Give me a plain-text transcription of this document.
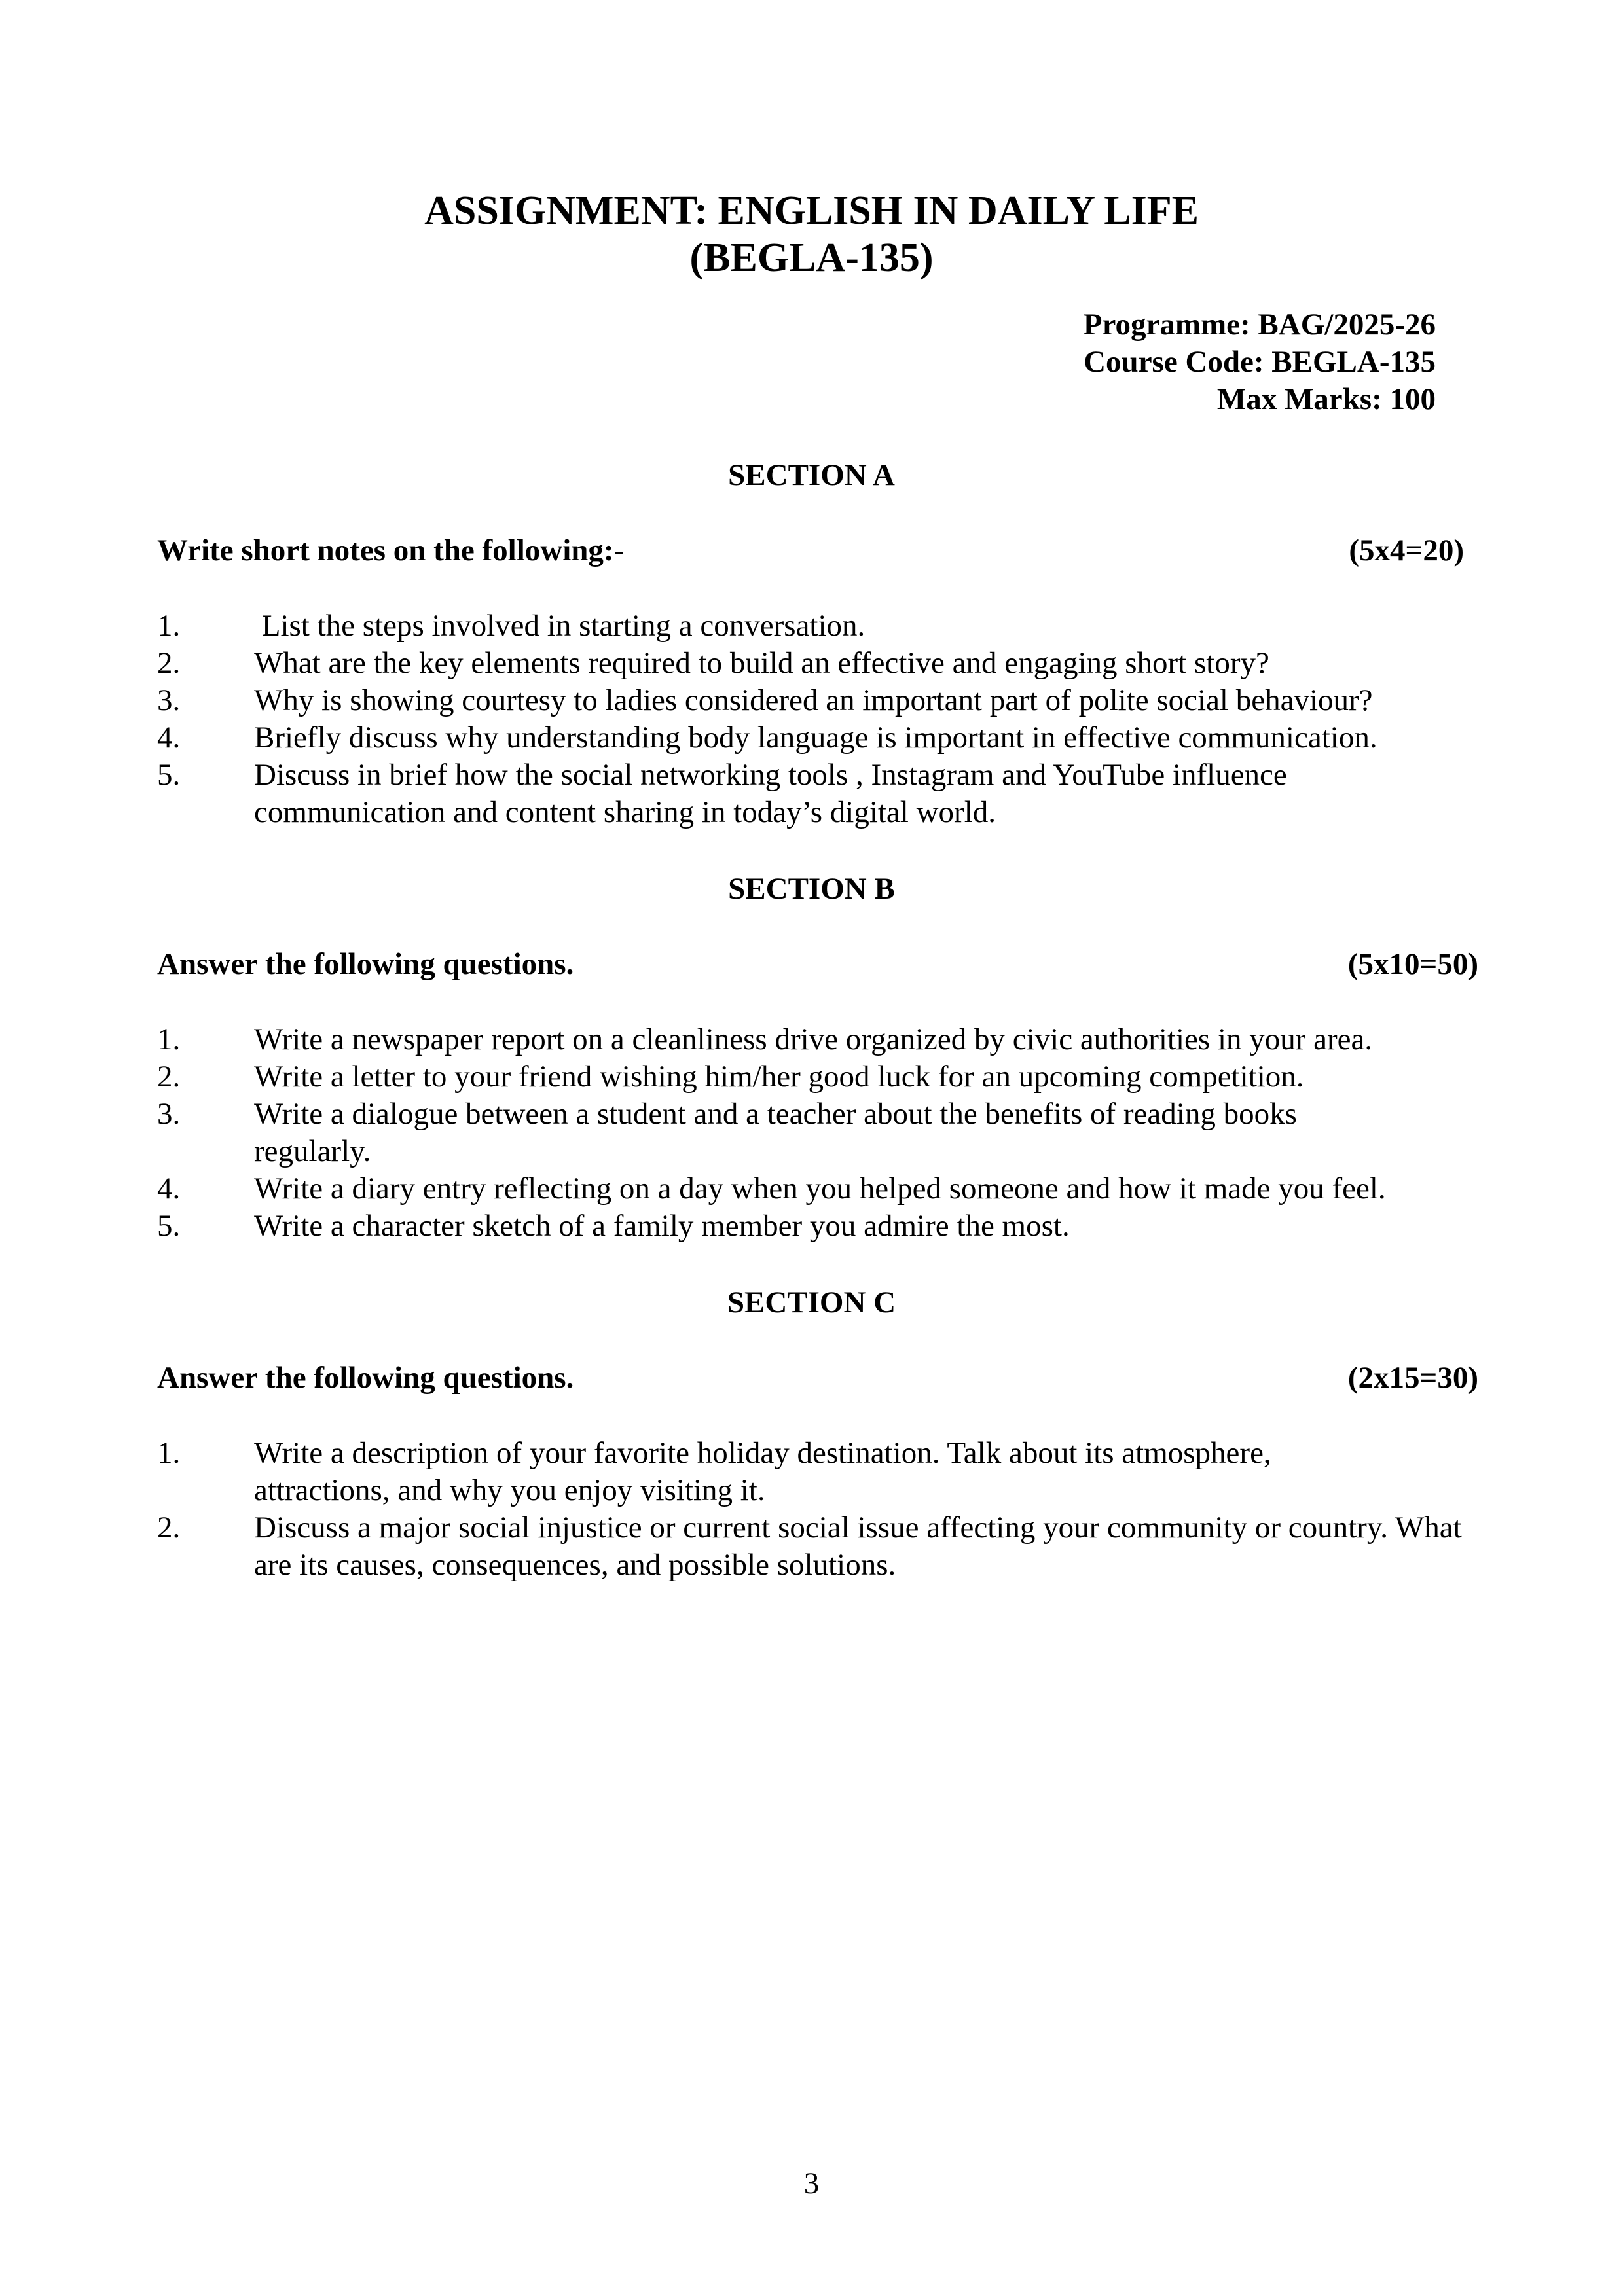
ASSIGNMENT: ENGLISH IN DAILY LIFE
(BEGLA-135)
Programme: BAG/2025-26
Course Code: BEGLA-135
Max Marks: 100
SECTION A
Write short notes on the following:-	(5x4=20)
1. List the steps involved in starting a conversation.
2. What are the key elements required to build an effective and engaging short story?
3. Why is showing courtesy to ladies considered an important part of polite social behaviour?
4. Briefly discuss why understanding body language is important in effective communication.
5. Discuss in brief how the social networking tools , Instagram and YouTube influence communication and content sharing in today’s digital world.
SECTION B
Answer the following questions.	(5x10=50)
1. Write a newspaper report on a cleanliness drive organized by civic authorities in your area.
2. Write a letter to your friend wishing him/her good luck for an upcoming competition.
3. Write a dialogue between a student and a teacher about the benefits of reading books regularly.
4. Write a diary entry reflecting on a day when you helped someone and how it made you feel.
5. Write a character sketch of a family member you admire the most.
SECTION C
Answer the following questions.	(2x15=30)
1. Write a description of your favorite holiday destination. Talk about its atmosphere, attractions, and why you enjoy visiting it.
2. Discuss a major social injustice or current social issue affecting your community or country. What are its causes, consequences, and possible solutions.
3
